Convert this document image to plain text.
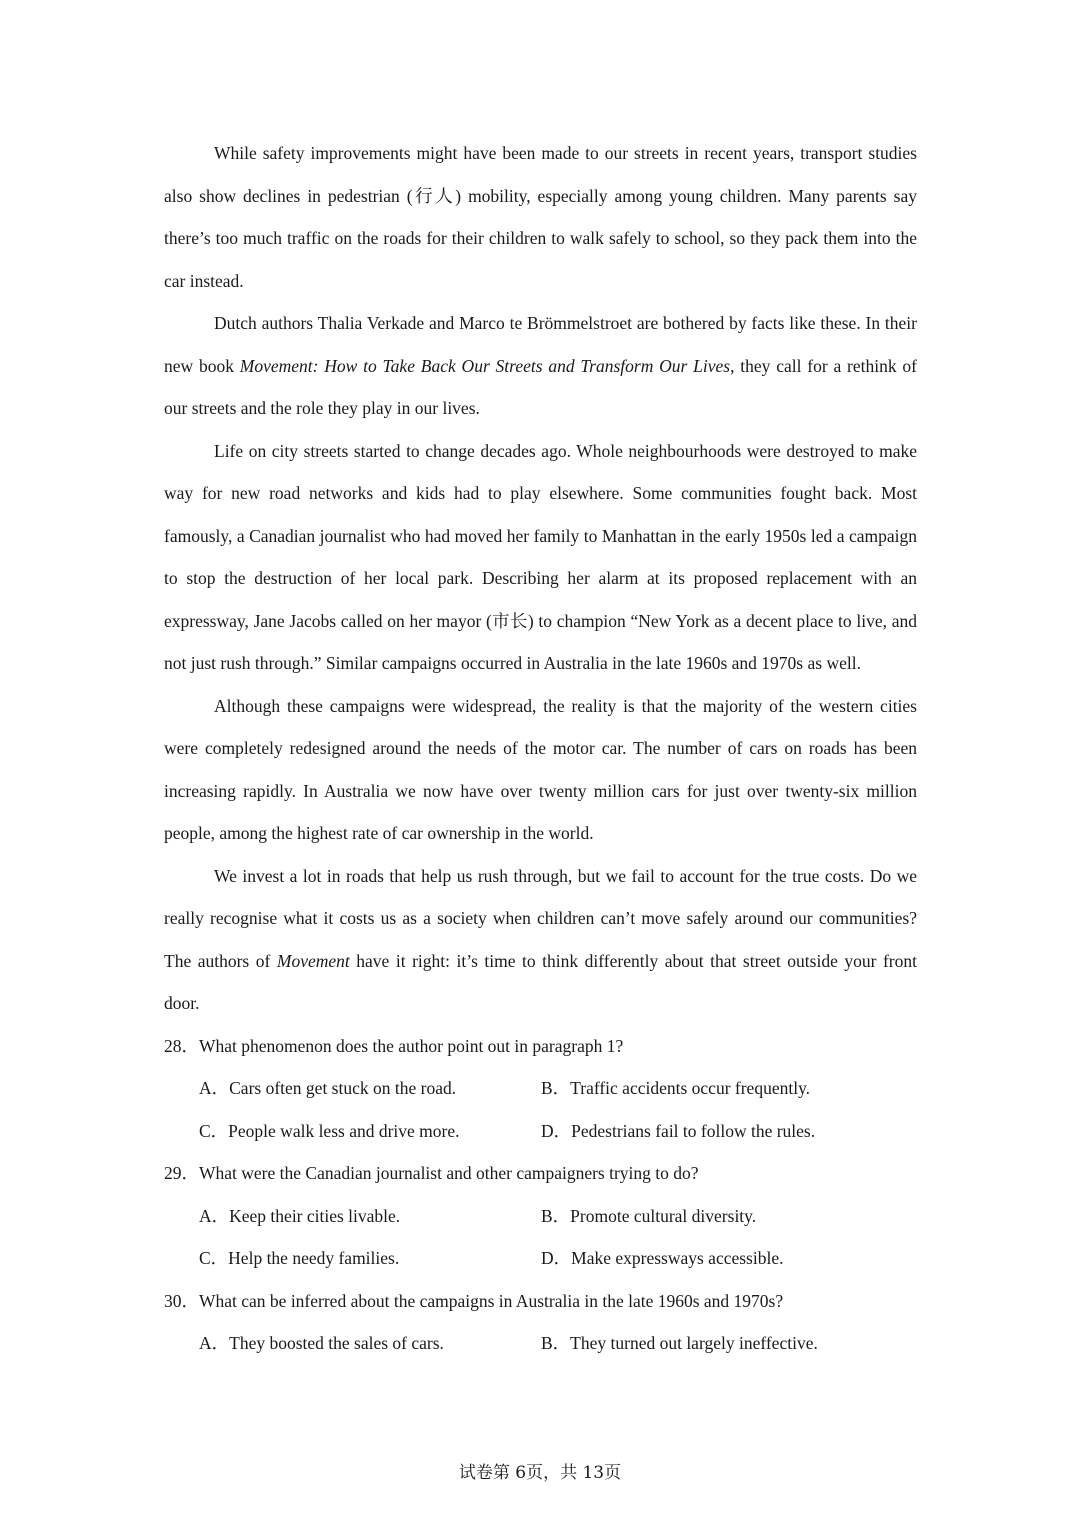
While safety improvements might have been made to our streets in recent years, transport studies also show declines in pedestrian (行人) mobility, especially among young children. Many parents say there’s too much traffic on the roads for their children to walk safely to school, so they pack them into the car instead.

Dutch authors Thalia Verkade and Marco te Brömmelstroet are bothered by facts like these. In their new book Movement: How to Take Back Our Streets and Transform Our Lives, they call for a rethink of our streets and the role they play in our lives.

Life on city streets started to change decades ago. Whole neighbourhoods were destroyed to make way for new road networks and kids had to play elsewhere. Some communities fought back. Most famously, a Canadian journalist who had moved her family to Manhattan in the early 1950s led a campaign to stop the destruction of her local park. Describing her alarm at its proposed replacement with an expressway, Jane Jacobs called on her mayor (市长) to champion “New York as a decent place to live, and not just rush through.” Similar campaigns occurred in Australia in the late 1960s and 1970s as well.

Although these campaigns were widespread, the reality is that the majority of the western cities were completely redesigned around the needs of the motor car. The number of cars on roads has been increasing rapidly. In Australia we now have over twenty million cars for just over twenty-six million people, among the highest rate of car ownership in the world.

We invest a lot in roads that help us rush through, but we fail to account for the true costs. Do we really recognise what it costs us as a society when children can’t move safely around our communities? The authors of Movement have it right: it’s time to think differently about that street outside your front door.

28．What phenomenon does the author point out in paragraph 1?

A．Cars often get stuck on the road.	B．Traffic accidents occur frequently.
C．People walk less and drive more.	D．Pedestrians fail to follow the rules.

29．What were the Canadian journalist and other campaigners trying to do?

A．Keep their cities livable.	B．Promote cultural diversity.
C．Help the needy families.	D．Make expressways accessible.

30．What can be inferred about the campaigns in Australia in the late 1960s and 1970s?

A．They boosted the sales of cars.	B．They turned out largely ineffective.
试卷第 6页，共 13页
